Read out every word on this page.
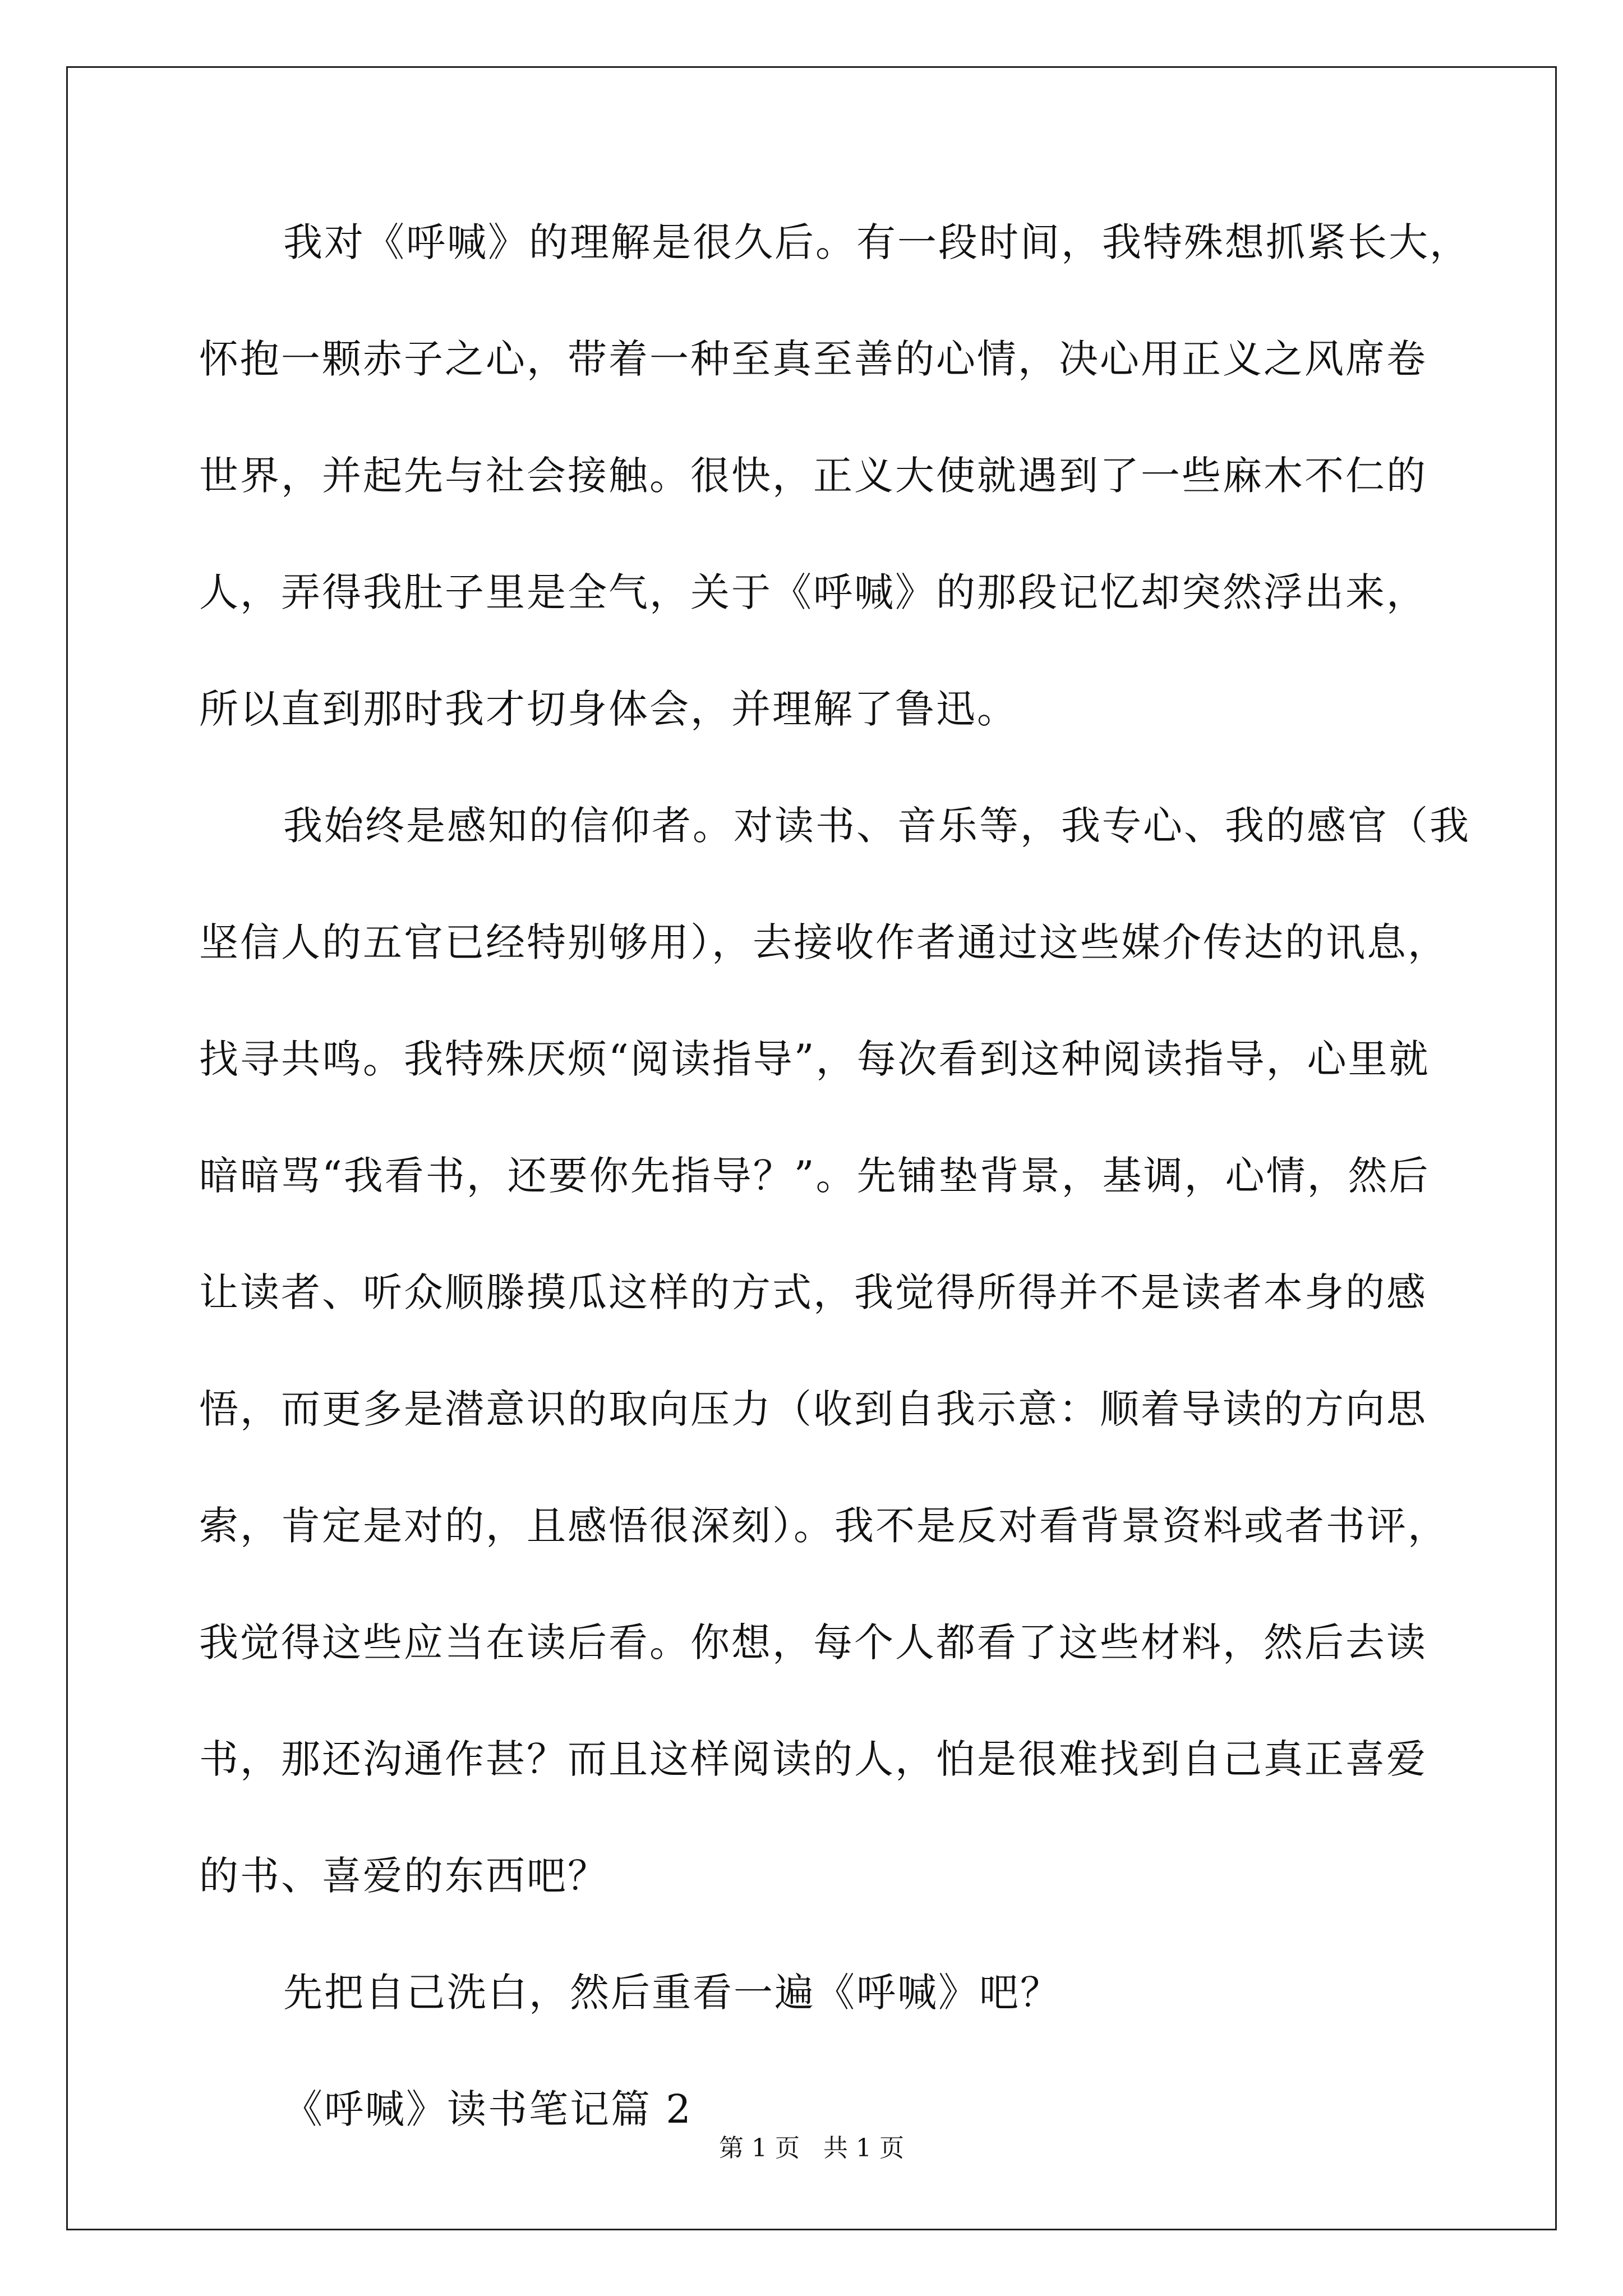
我对《呼喊》的理解是很久后。有一段时间，我特殊想抓紧长大，
怀抱一颗赤子之心，带着一种至真至善的心情，决心用正义之风席卷
世界，并起先与社会接触。很快，正义大使就遇到了一些麻木不仁的
人，弄得我肚子里是全气，关于《呼喊》的那段记忆却突然浮出来，
所以直到那时我才切身体会，并理解了鲁迅。
我始终是感知的信仰者。对读书、音乐等，我专心、我的感官（我
坚信人的五官已经特别够用），去接收作者通过这些媒介传达的讯息，
找寻共鸣。我特殊厌烦“阅读指导”，每次看到这种阅读指导，心里就
暗暗骂“我看书，还要你先指导？”。先铺垫背景，基调，心情，然后
让读者、听众顺滕摸瓜这样的方式，我觉得所得并不是读者本身的感
悟，而更多是潜意识的取向压力（收到自我示意：顺着导读的方向思
索，肯定是对的，且感悟很深刻）。我不是反对看背景资料或者书评，
我觉得这些应当在读后看。你想，每个人都看了这些材料，然后去读
书，那还沟通作甚？而且这样阅读的人，怕是很难找到自己真正喜爱
的书、喜爱的东西吧？
先把自己洗白，然后重看一遍《呼喊》吧？
《呼喊》读书笔记篇 2
第 1 页   共 1 页
